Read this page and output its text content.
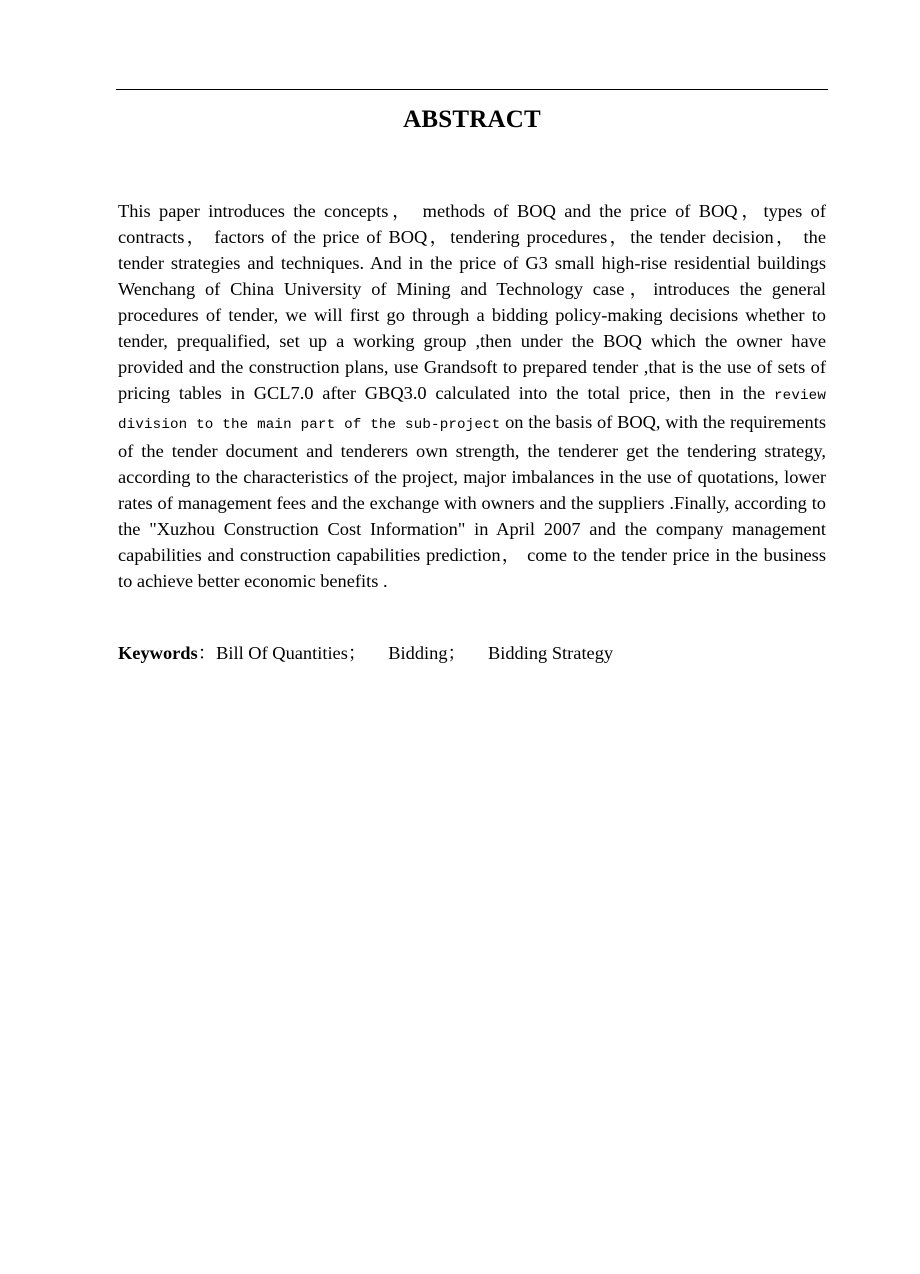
ABSTRACT
This paper introduces the concepts， methods of BOQ and the price of BOQ，types of contracts， factors of the price of BOQ，tendering procedures，the tender decision， the tender strategies and techniques. And in the price of G3 small high-rise residential buildings Wenchang of China University of Mining and Technology case，introduces the general procedures of tender, we will first go through a bidding policy-making decisions whether to tender, prequalified, set up a working group ,then under the BOQ which the owner have provided and the construction plans, use Grandsoft to prepared tender ,that is the use of sets of pricing tables in GCL7.0 after GBQ3.0 calculated into the total price, then in the review division to the main part of the sub-project on the basis of BOQ, with the requirements of the tender document and tenderers own strength, the tenderer get the tendering strategy, according to the characteristics of the project, major imbalances in the use of quotations, lower rates of management fees and the exchange with owners and the suppliers .Finally, according to the "Xuzhou Construction Cost Information" in April 2007 and the company management capabilities and construction capabilities prediction， come to the tender price in the business to achieve better economic benefits .
Keywords：Bill Of Quantities； Bidding； Bidding Strategy
